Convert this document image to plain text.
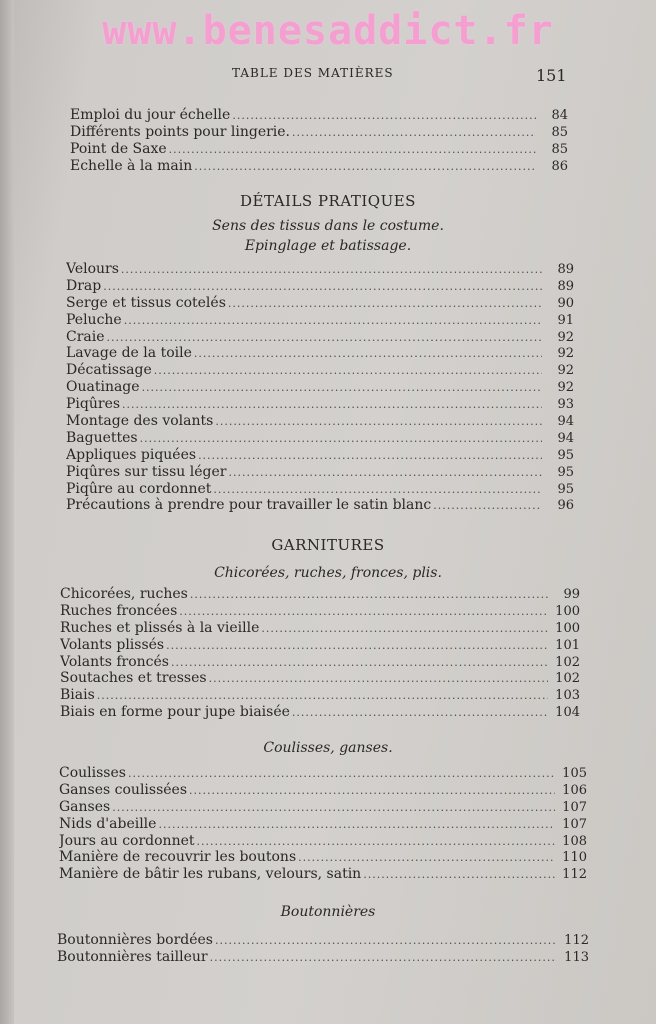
www.benesaddict.fr
TABLE DES MATIÈRES	151
Emploi du jour échelle .....	84
Différents points pour lingerie. .....	85
Point de Saxe .....	85
Echelle à la main .....	86
DÉTAILS PRATIQUES
Sens des tissus dans le costume.
Epinglage et batissage.
Velours .....	89
Drap .....	89
Serge et tissus cotelés .....	90
Peluche .....	91
Craie .....	92
Lavage de la toile .....	92
Décatissage .....	92
Ouatinage .....	92
Piqûres .....	93
Montage des volants .....	94
Baguettes .....	94
Appliques piquées .....	95
Piqûres sur tissu léger .....	95
Piqûre au cordonnet .....	95
Précautions à prendre pour travailler le satin blanc .....	96
GARNITURES
Chicorées, ruches, fronces, plis.
Chicorées, ruches .....	99
Ruches froncées .....	100
Ruches et plissés à la vieille .....	100
Volants plissés .....	101
Volants froncés .....	102
Soutaches et tresses .....	102
Biais .....	103
Biais en forme pour jupe biaisée .....	104
Coulisses, ganses.
Coulisses .....	105
Ganses coulissées .....	106
Ganses .....	107
Nids d'abeille .....	107
Jours au cordonnet .....	108
Manière de recouvrir les boutons .....	110
Manière de bâtir les rubans, velours, satin .....	112
Boutonnières
Boutonnières bordées .....	112
Boutonnières tailleur .....	113
